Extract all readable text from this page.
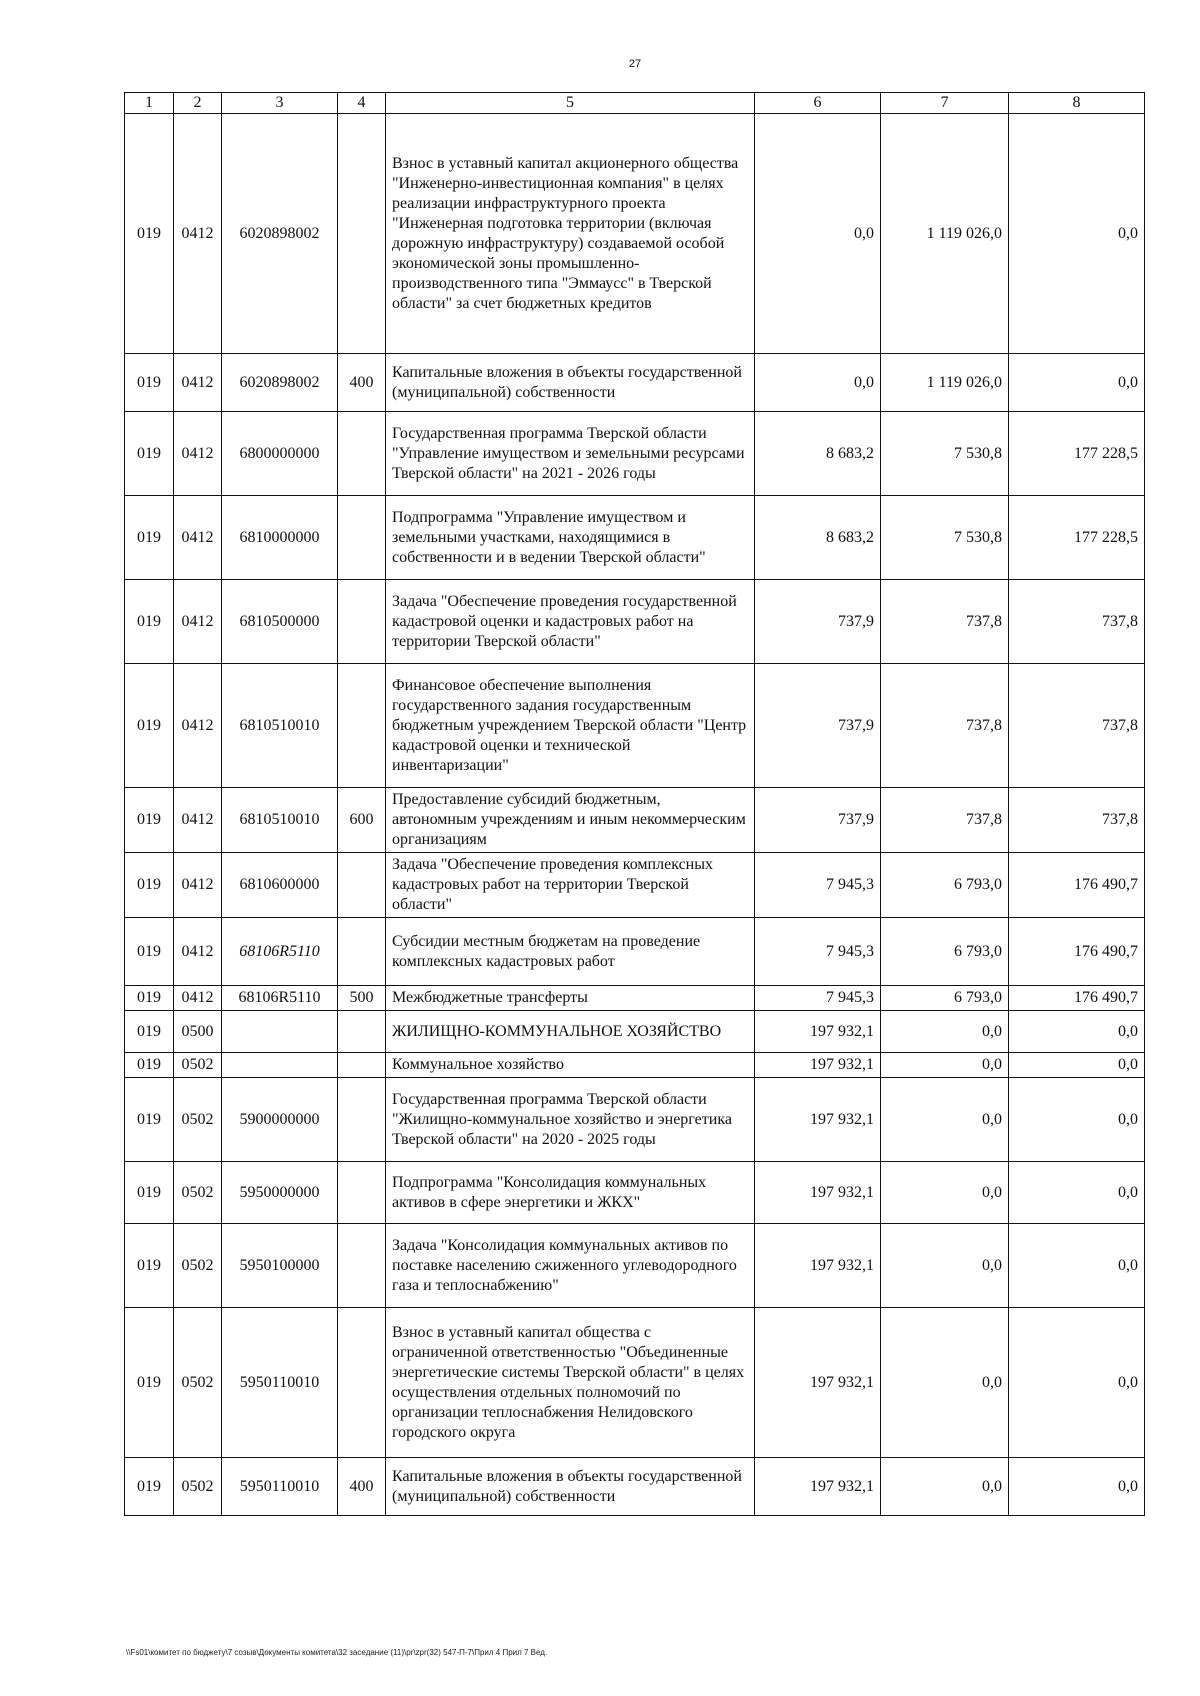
27
1	2	3	4	5	6	7	8
019	0412	6020898002		Взнос в уставный капитал акционерного общества "Инженерно-инвестиционная компания" в целях реализации инфраструктурного проекта "Инженерная подготовка территории (включая дорожную инфраструктуру) создаваемой особой экономической зоны промышленно-производственного типа "Эммаусс" в Тверской области" за счет бюджетных кредитов	0,0	1 119 026,0	0,0
019	0412	6020898002	400	Капитальные вложения в объекты государственной (муниципальной) собственности	0,0	1 119 026,0	0,0
019	0412	6800000000		Государственная программа Тверской области "Управление имуществом и земельными ресурсами Тверской области" на 2021 - 2026 годы	8 683,2	7 530,8	177 228,5
019	0412	6810000000		Подпрограмма "Управление имуществом и земельными участками, находящимися в собственности и в ведении Тверской области"	8 683,2	7 530,8	177 228,5
019	0412	6810500000		Задача "Обеспечение проведения государственной кадастровой оценки и кадастровых работ на территории Тверской области"	737,9	737,8	737,8
019	0412	6810510010		Финансовое обеспечение выполнения государственного задания государственным бюджетным учреждением Тверской области "Центр кадастровой оценки и технической инвентаризации"	737,9	737,8	737,8
019	0412	6810510010	600	Предоставление субсидий бюджетным, автономным учреждениям и иным некоммерческим организациям	737,9	737,8	737,8
019	0412	6810600000		Задача "Обеспечение проведения комплексных кадастровых работ на территории Тверской области"	7 945,3	6 793,0	176 490,7
019	0412	68106R5110		Субсидии местным бюджетам на проведение комплексных кадастровых работ	7 945,3	6 793,0	176 490,7
019	0412	68106R5110	500	Межбюджетные трансферты	7 945,3	6 793,0	176 490,7
019	0500			ЖИЛИЩНО-КОММУНАЛЬНОЕ ХОЗЯЙСТВО	197 932,1	0,0	0,0
019	0502			Коммунальное хозяйство	197 932,1	0,0	0,0
019	0502	5900000000		Государственная программа Тверской области "Жилищно-коммунальное хозяйство и энергетика Тверской области" на 2020 - 2025 годы	197 932,1	0,0	0,0
019	0502	5950000000		Подпрограмма "Консолидация коммунальных активов в сфере энергетики и ЖКХ"	197 932,1	0,0	0,0
019	0502	5950100000		Задача "Консолидация коммунальных активов по поставке населению сжиженного углеводородного газа и теплоснабжению"	197 932,1	0,0	0,0
019	0502	5950110010		Взнос в уставный капитал общества с ограниченной ответственностью "Объединенные энергетические системы Тверской области" в целях осуществления отдельных полномочий по организации теплоснабжения Нелидовского городского округа	197 932,1	0,0	0,0
019	0502	5950110010	400	Капитальные вложения в объекты государственной (муниципальной) собственности	197 932,1	0,0	0,0
\\Fs01\комитет по бюджету\7 созыв\Документы комитета\32 заседание (11)\pr\zpr(32) 547-П-7\Прил 4 Прил 7 Вед.
